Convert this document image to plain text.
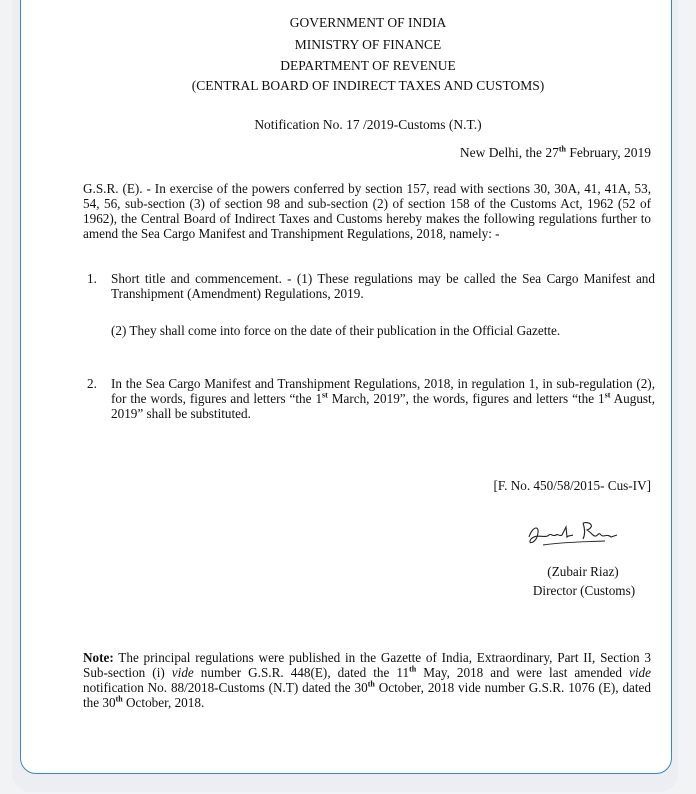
GOVERNMENT OF INDIA
MINISTRY OF FINANCE
DEPARTMENT OF REVENUE
(CENTRAL BOARD OF INDIRECT TAXES AND CUSTOMS)
Notification No. 17 /2019-Customs (N.T.)
New Delhi, the 27th February, 2019
G.S.R. (E). - In exercise of the powers conferred by section 157, read with sections 30, 30A, 41, 41A, 53, 54, 56, sub-section (3) of section 98 and sub-section (2) of section 158 of the Customs Act, 1962 (52 of 1962), the Central Board of Indirect Taxes and Customs hereby makes the following regulations further to amend the Sea Cargo Manifest and Transhipment Regulations, 2018, namely: -
1. Short title and commencement. - (1) These regulations may be called the Sea Cargo Manifest and Transhipment (Amendment) Regulations, 2019.
(2) They shall come into force on the date of their publication in the Official Gazette.
2. In the Sea Cargo Manifest and Transhipment Regulations, 2018, in regulation 1, in sub-regulation (2), for the words, figures and letters “the 1st March, 2019”, the words, figures and letters “the 1st August, 2019” shall be substituted.
[F. No. 450/58/2015- Cus-IV]
(Zubair Riaz)
Director (Customs)
Note: The principal regulations were published in the Gazette of India, Extraordinary, Part II, Section 3 Sub-section (i) vide number G.S.R. 448(E), dated the 11th May, 2018 and were last amended vide notification No. 88/2018-Customs (N.T) dated the 30th October, 2018 vide number G.S.R. 1076 (E), dated the 30th October, 2018.
